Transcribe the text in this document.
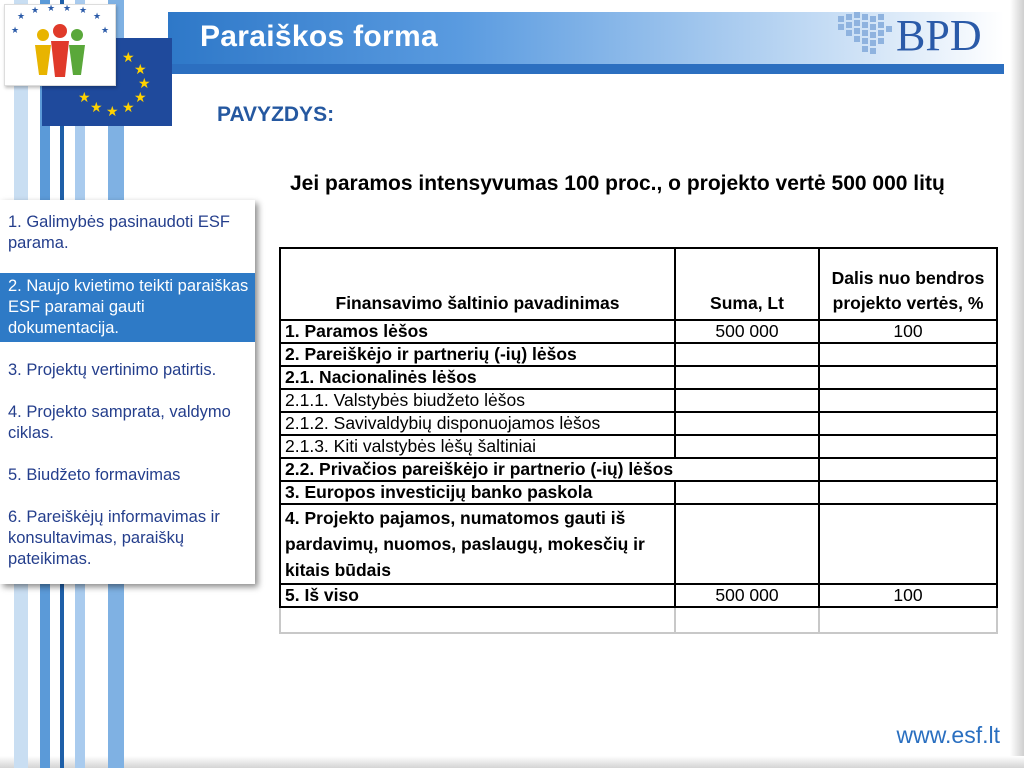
Paraiškos forma
★
★
★
★
★
★
★
★
★
★ ★ ★ ★
★
★	★	BPD
PAVYZDYS:
Jei paramos intensyvumas 100 proc., o projekto vertė 500 000 litų
1. Galimybės pasinaudoti ESF parama.
2. Naujo kvietimo teikti paraiškas ESF paramai gauti dokumentacija.
3. Projektų vertinimo patirtis.
4. Projekto samprata, valdymo ciklas.
5. Biudžeto formavimas
6. Pareiškėjų informavimas ir konsultavimas, paraiškų pateikimas.
Finansavimo šaltinio pavadinimas	Suma, Lt	Dalis nuo bendros projekto vertės, %
1. Paramos lėšos	500 000	100
2. Pareiškėjo ir partnerių (-ių) lėšos		
2.1. Nacionalinės lėšos		
2.1.1. Valstybės biudžeto lėšos		
2.1.2. Savivaldybių disponuojamos lėšos		
2.1.3. Kiti valstybės lėšų šaltiniai		
2.2. Privačios pareiškėjo ir partnerio (-ių) lėšos		
3. Europos investicijų banko paskola		
4. Projekto pajamos, numatomos gauti iš pardavimų, nuomos, paslaugų, mokesčių ir kitais būdais		
5. Iš viso	500 000	100

www.esf.lt
